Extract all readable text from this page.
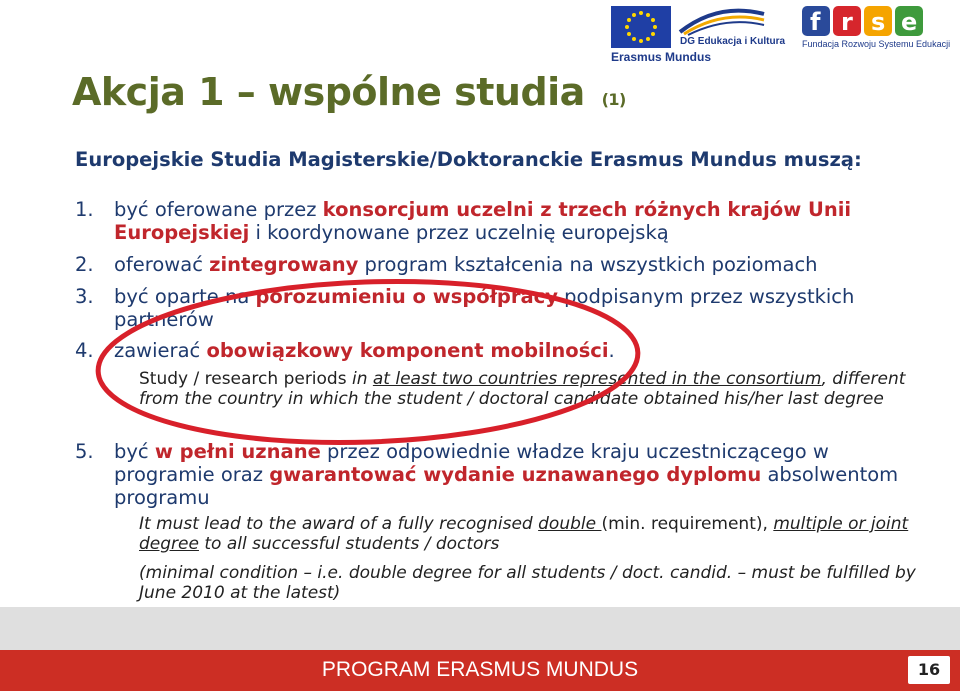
DG Edukacja i Kultura
Erasmus Mundus
f r s e
Fundacja Rozwoju Systemu Edukacji
Akcja 1 – wspólne studia (1)
Europejskie Studia Magisterskie/Doktoranckie Erasmus Mundus muszą:
1. być oferowane przez konsorcjum uczelni z trzech różnych krajów Unii Europejskiej i koordynowane przez uczelnię europejską
2. oferować zintegrowany program kształcenia na wszystkich poziomach
3. być oparte na porozumieniu o współpracy podpisanym przez wszystkich partnerów
4. zawierać obowiązkowy komponent mobilności.
Study / research periods in at least two countries represented in the consortium, different from the country in which the student / doctoral candidate obtained his/her last degree
5. być w pełni uznane przez odpowiednie władze kraju uczestniczącego w programie oraz gwarantować wydanie uznawanego dyplomu absolwentom programu
It must lead to the award of a fully recognised double (min. requirement), multiple or joint degree to all successful students / doctors
(minimal condition – i.e. double degree for all students / doct. candid. – must be fulfilled by June 2010 at the latest)
PROGRAM ERASMUS MUNDUS	16
